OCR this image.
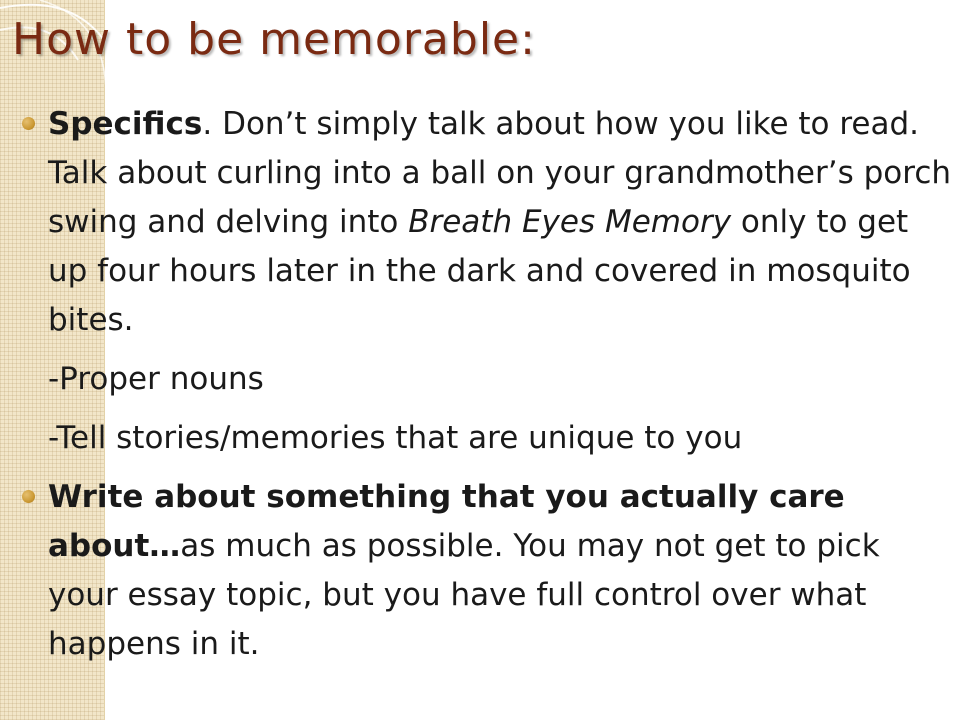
How to be memorable:

Specifics. Don’t simply talk about how you like to read. Talk about curling into a ball on your grandmother’s porch swing and delving into Breath Eyes Memory only to get up four hours later in the dark and covered in mosquito bites.

-Proper nouns

-Tell stories/memories that are unique to you

Write about something that you actually care about…as much as possible. You may not get to pick your essay topic, but you have full control over what happens in it.
